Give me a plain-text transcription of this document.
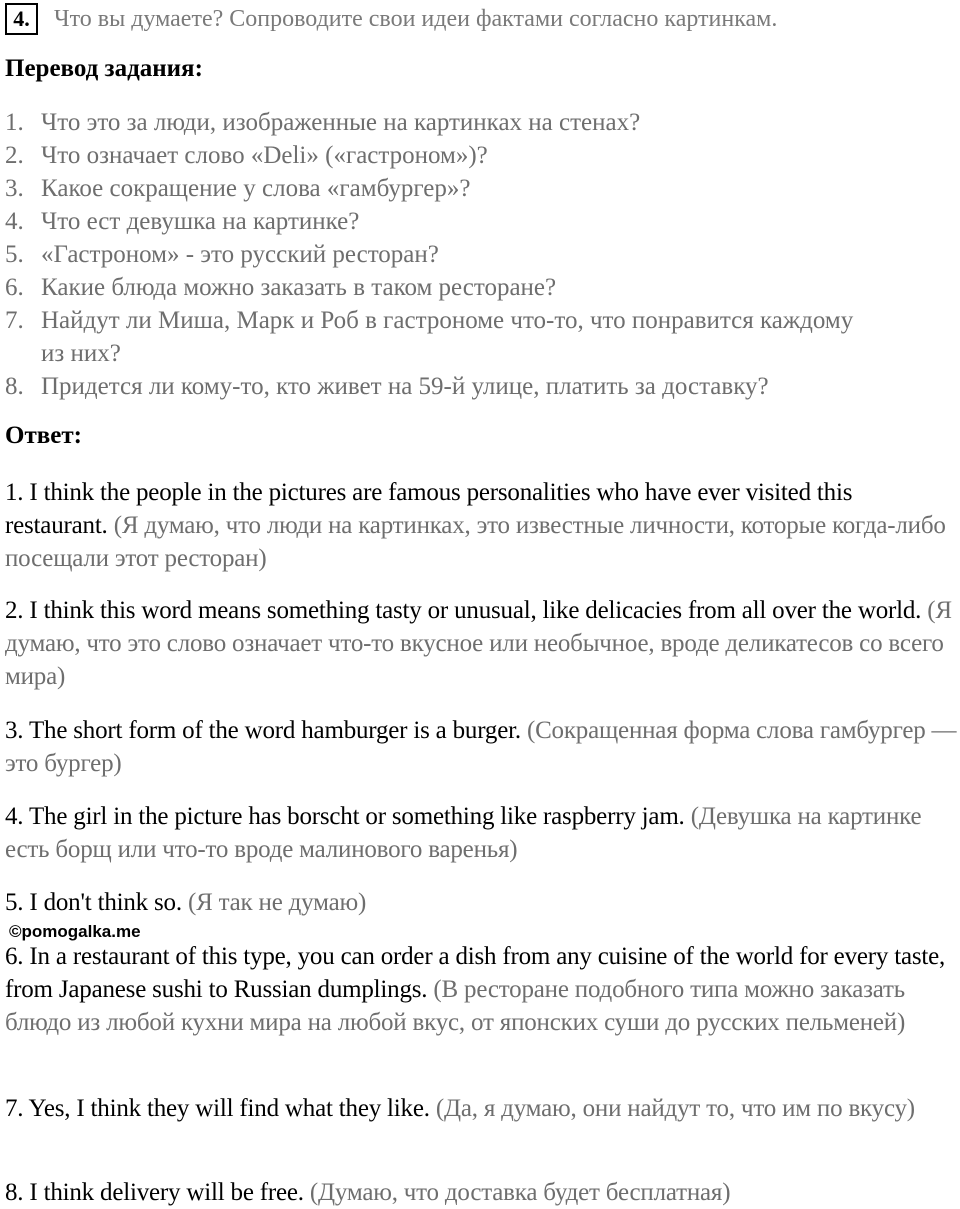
4.	Что вы думаете? Сопроводите свои идеи фактами согласно картинкам.
Перевод задания:
1. Что это за люди, изображенные на картинках на стенах?
2. Что означает слово «Deli» («гастроном»)?
3. Какое сокращение у слова «гамбургер»?
4. Что ест девушка на картинке?
5. «Гастроном» - это русский ресторан?
6. Какие блюда можно заказать в таком ресторане?
7. Найдут ли Миша, Марк и Роб в гастрономе что-то, что понравится каждому из них?
8. Придется ли кому-то, кто живет на 59-й улице, платить за доставку?
Ответ:

1. I think the people in the pictures are famous personalities who have ever visited this restaurant. (Я думаю, что люди на картинках, это известные личности, которые когда-либо посещали этот ресторан)

2. I think this word means something tasty or unusual, like delicacies from all over the world. (Я думаю, что это слово означает что-то вкусное или необычное, вроде деликатесов со всего мира)

3. The short form of the word hamburger is a burger. (Сокращенная форма слова гамбургер — это бургер)

4. The girl in the picture has borscht or something like raspberry jam. (Девушка на картинке есть борщ или что-то вроде малинового варенья)

5. I don't think so. (Я так не думаю)

6. In a restaurant of this type, you can order a dish from any cuisine of the world for every taste, from Japanese sushi to Russian dumplings. (В ресторане подобного типа можно заказать блюдо из любой кухни мира на любой вкус, от японских суши до русских пельменей)

7. Yes, I think they will find what they like. (Да, я думаю, они найдут то, что им по вкусу)

8. I think delivery will be free. (Думаю, что доставка будет бесплатная)

©pomogalka.me
